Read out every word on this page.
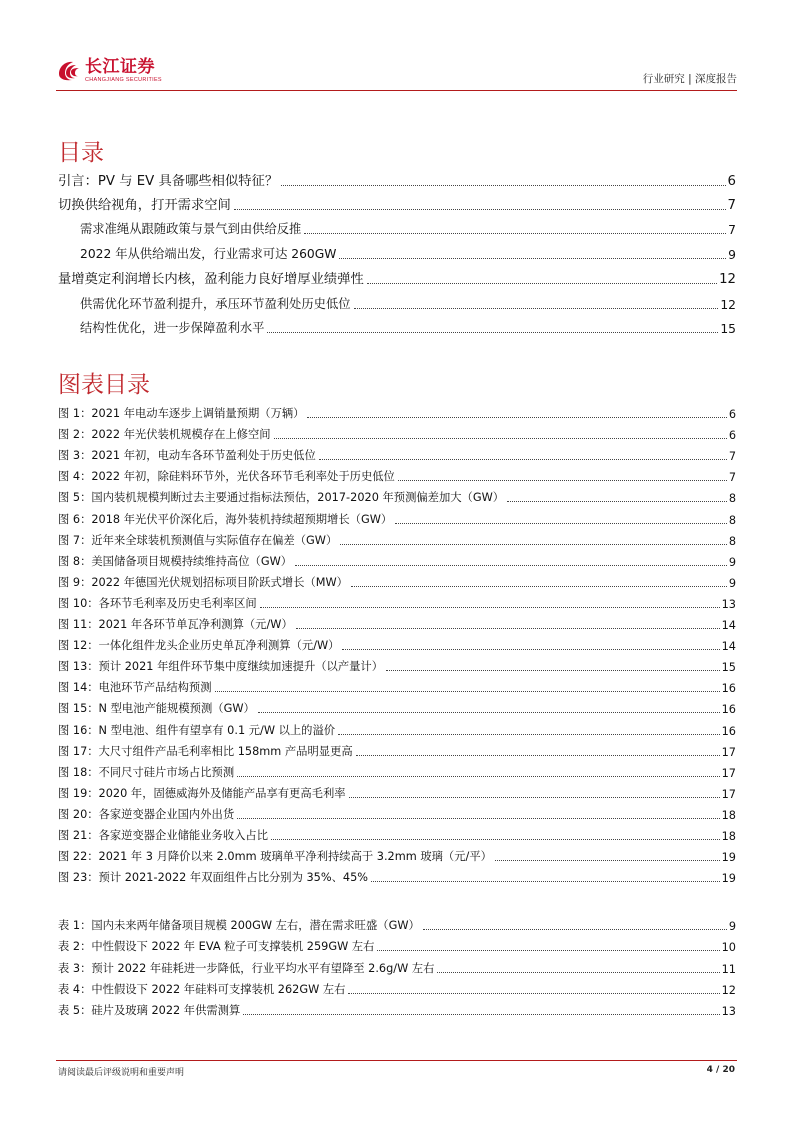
长江证券
CHANGJIANG SECURITIES	行业研究 | 深度报告
目录
引言：PV 与 EV 具备哪些相似特征？	6
切换供给视角，打开需求空间	7
需求准绳从跟随政策与景气到由供给反推	7
2022 年从供给端出发，行业需求可达 260GW	9
量增奠定利润增长内核，盈利能力良好增厚业绩弹性	12
供需优化环节盈利提升，承压环节盈利处历史低位	12
结构性优化，进一步保障盈利水平	15
图表目录
图 1：2021 年电动车逐步上调销量预期（万辆）	6
图 2：2022 年光伏装机规模存在上修空间	6
图 3：2021 年初，电动车各环节盈利处于历史低位	7
图 4：2022 年初，除硅料环节外，光伏各环节毛利率处于历史低位	7
图 5：国内装机规模判断过去主要通过指标法预估，2017-2020 年预测偏差加大（GW）	8
图 6：2018 年光伏平价深化后，海外装机持续超预期增长（GW）	8
图 7：近年来全球装机预测值与实际值存在偏差（GW）	8
图 8：美国储备项目规模持续维持高位（GW）	9
图 9：2022 年德国光伏规划招标项目阶跃式增长（MW）	9
图 10：各环节毛利率及历史毛利率区间	13
图 11：2021 年各环节单瓦净利测算（元/W）	14
图 12：一体化组件龙头企业历史单瓦净利测算（元/W）	14
图 13：预计 2021 年组件环节集中度继续加速提升（以产量计）	15
图 14：电池环节产品结构预测	16
图 15：N 型电池产能规模预测（GW）	16
图 16：N 型电池、组件有望享有 0.1 元/W 以上的溢价	16
图 17：大尺寸组件产品毛利率相比 158mm 产品明显更高	17
图 18：不同尺寸硅片市场占比预测	17
图 19：2020 年，固德威海外及储能产品享有更高毛利率	17
图 20：各家逆变器企业国内外出货	18
图 21：各家逆变器企业储能业务收入占比	18
图 22：2021 年 3 月降价以来 2.0mm 玻璃单平净利持续高于 3.2mm 玻璃（元/平）	19
图 23：预计 2021-2022 年双面组件占比分别为 35%、45%	19
表 1：国内未来两年储备项目规模 200GW 左右，潜在需求旺盛（GW）	9
表 2：中性假设下 2022 年 EVA 粒子可支撑装机 259GW 左右	10
表 3：预计 2022 年硅耗进一步降低，行业平均水平有望降至 2.6g/W 左右	11
表 4：中性假设下 2022 年硅料可支撑装机 262GW 左右	12
表 5：硅片及玻璃 2022 年供需测算	13
请阅读最后评级说明和重要声明	4 / 20
